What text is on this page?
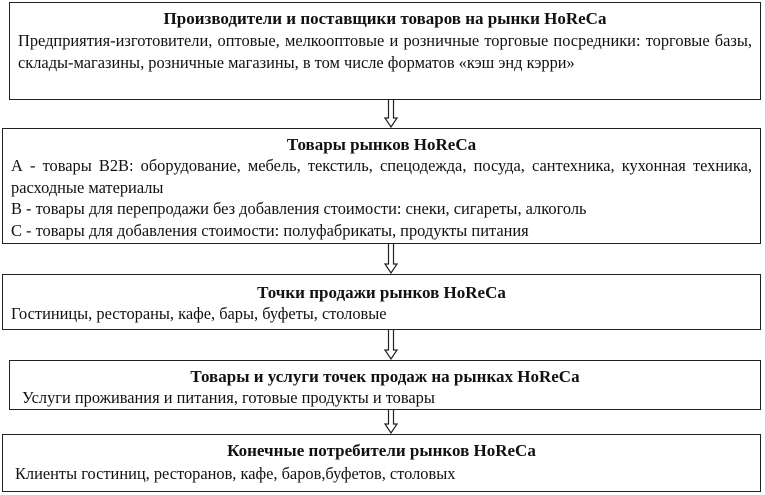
Производители и поставщики товаров на рынки HoReCa
Предприятия-изготовители, оптовые, мелкооптовые и розничные торговые посредники: торговые базы, склады-магазины, розничные магазины, в том числе форматов «кэш энд кэрри»
Товары рынков HoReCa
А - товары В2В: оборудование, мебель, текстиль, спецодежда, посуда, сантехника, кухонная техника, расходные материалы
В - товары для перепродажи без добавления стоимости: снеки, сигареты, алкоголь
С - товары для добавления стоимости: полуфабрикаты, продукты питания
Точки продажи рынков HoReCa
Гостиницы, рестораны, кафе, бары, буфеты, столовые
Товары и услуги точек продаж на рынках HoReCa
Услуги проживания и питания, готовые продукты и товары
Конечные потребители рынков HoReCa
Клиенты гостиниц, ресторанов, кафе, баров,буфетов, столовых
